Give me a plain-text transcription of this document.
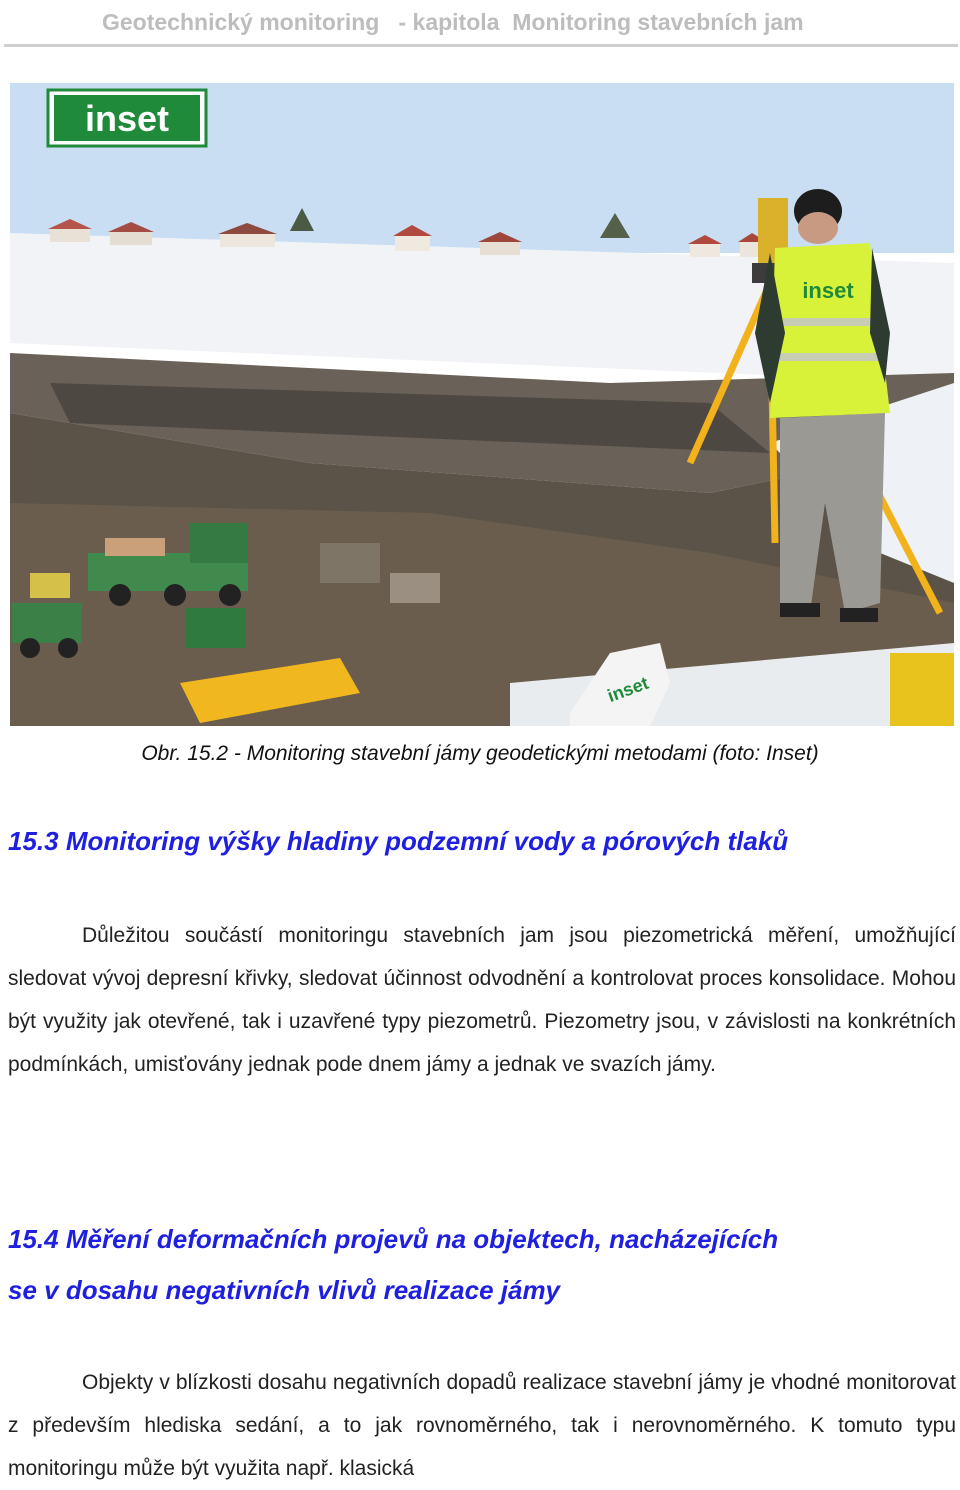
Geotechnický monitoring   - kapitola  Monitoring stavebních jam
inset
inset
inset
Obr. 15.2 - Monitoring stavební jámy geodetickými metodami (foto: Inset)
15.3 Monitoring výšky hladiny podzemní vody a pórových tlaků
Důležitou součástí monitoringu stavebních jam jsou piezometrická měření, umožňující sledovat vývoj depresní křivky, sledovat účinnost odvodnění a kontrolovat proces konsolidace. Mohou být využity jak otevřené, tak i uzavřené typy piezometrů. Piezometry jsou, v závislosti na konkrétních podmínkách, umisťovány jednak pode dnem jámy a jednak ve svazích jámy.
15.4 Měření deformačních projevů na objektech, nacházejících
se v dosahu negativních vlivů realizace jámy
Objekty v blízkosti dosahu negativních dopadů realizace stavební jámy je vhodné monitorovat z především hlediska sedání, a to jak rovnoměrného, tak i nerovnoměrného. K tomuto typu monitoringu může být využita např. klasická
